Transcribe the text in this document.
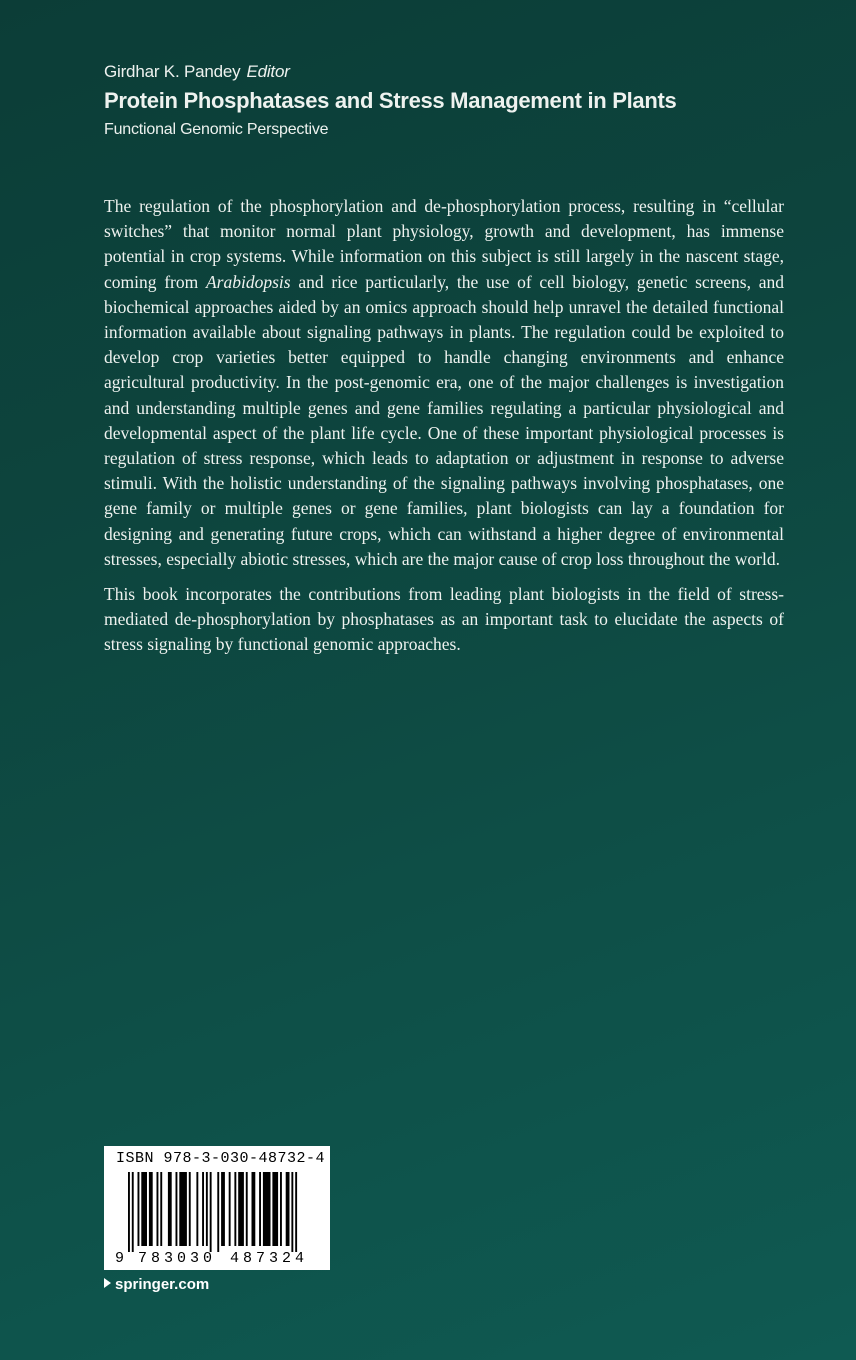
Girdhar K. Pandey Editor
Protein Phosphatases and Stress Management in Plants
Functional Genomic Perspective

The regulation of the phosphorylation and de-phosphorylation process, resulting in “cellular switches” that monitor normal plant physiology, growth and development, has immense potential in crop systems. While information on this subject is still largely in the nascent stage, coming from Arabidopsis and rice particularly, the use of cell biology, genetic screens, and biochemical approaches aided by an omics approach should help unravel the detailed functional information available about signaling pathways in plants. The regulation could be exploited to develop crop varieties better equipped to handle changing environments and enhance agricultural productivity. In the post-genomic era, one of the major challenges is investigation and understanding multiple genes and gene families regulating a particular physiological and developmental aspect of the plant life cycle. One of these important physiological processes is regulation of stress response, which leads to adaptation or adjustment in response to adverse stimuli. With the holistic understanding of the signaling pathways involving phosphatases, one gene family or multiple genes or gene families, plant biologists can lay a foundation for designing and generating future crops, which can withstand a higher degree of environmental stresses, especially abiotic stresses, which are the major cause of crop loss throughout the world.

This book incorporates the contributions from leading plant biologists in the field of stress-mediated de-phosphorylation by phosphatases as an important task to elucidate the aspects of stress signaling by functional genomic approaches.

ISBN 978-3-030-48732-4
9 783030 487324
springer.com
